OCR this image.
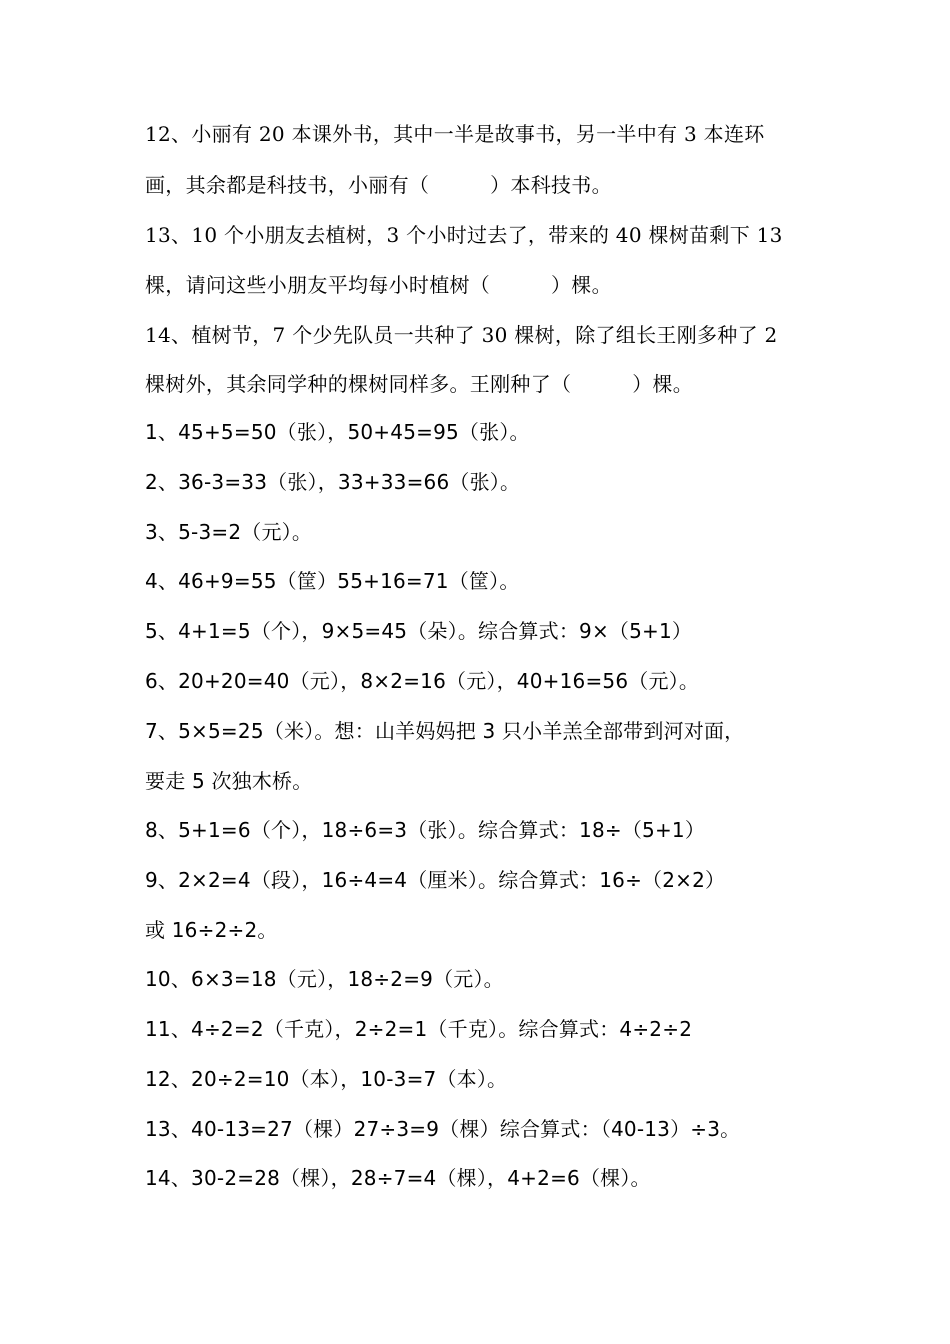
12、小丽有 20 本课外书，其中一半是故事书，另一半中有 3 本连环
画，其余都是科技书，小丽有（　　　）本科技书。
13、10 个小朋友去植树，3 个小时过去了，带来的 40 棵树苗剩下 13
棵，请问这些小朋友平均每小时植树（　　　）棵。
14、植树节，7 个少先队员一共种了 30 棵树，除了组长王刚多种了 2
棵树外，其余同学种的棵树同样多。王刚种了（　　　）棵。
1、45+5=50（张），50+45=95（张）。
2、36-3=33（张），33+33=66（张）。
3、5-3=2（元）。
4、46+9=55（筐）55+16=71（筐）。
5、4+1=5（个），9×5=45（朵）。综合算式：9×（5+1）
6、20+20=40（元），8×2=16（元），40+16=56（元）。
7、5×5=25（米）。想：山羊妈妈把 3 只小羊羔全部带到河对面，
要走 5 次独木桥。
8、5+1=6（个），18÷6=3（张）。综合算式：18÷（5+1）
9、2×2=4（段），16÷4=4（厘米）。综合算式：16÷（2×2）
或 16÷2÷2。
10、6×3=18（元），18÷2=9（元）。
11、4÷2=2（千克），2÷2=1（千克）。综合算式：4÷2÷2
12、20÷2=10（本），10-3=7（本）。
13、40-13=27（棵）27÷3=9（棵）综合算式：（40-13）÷3。
14、30-2=28（棵），28÷7=4（棵），4+2=6（棵）。
